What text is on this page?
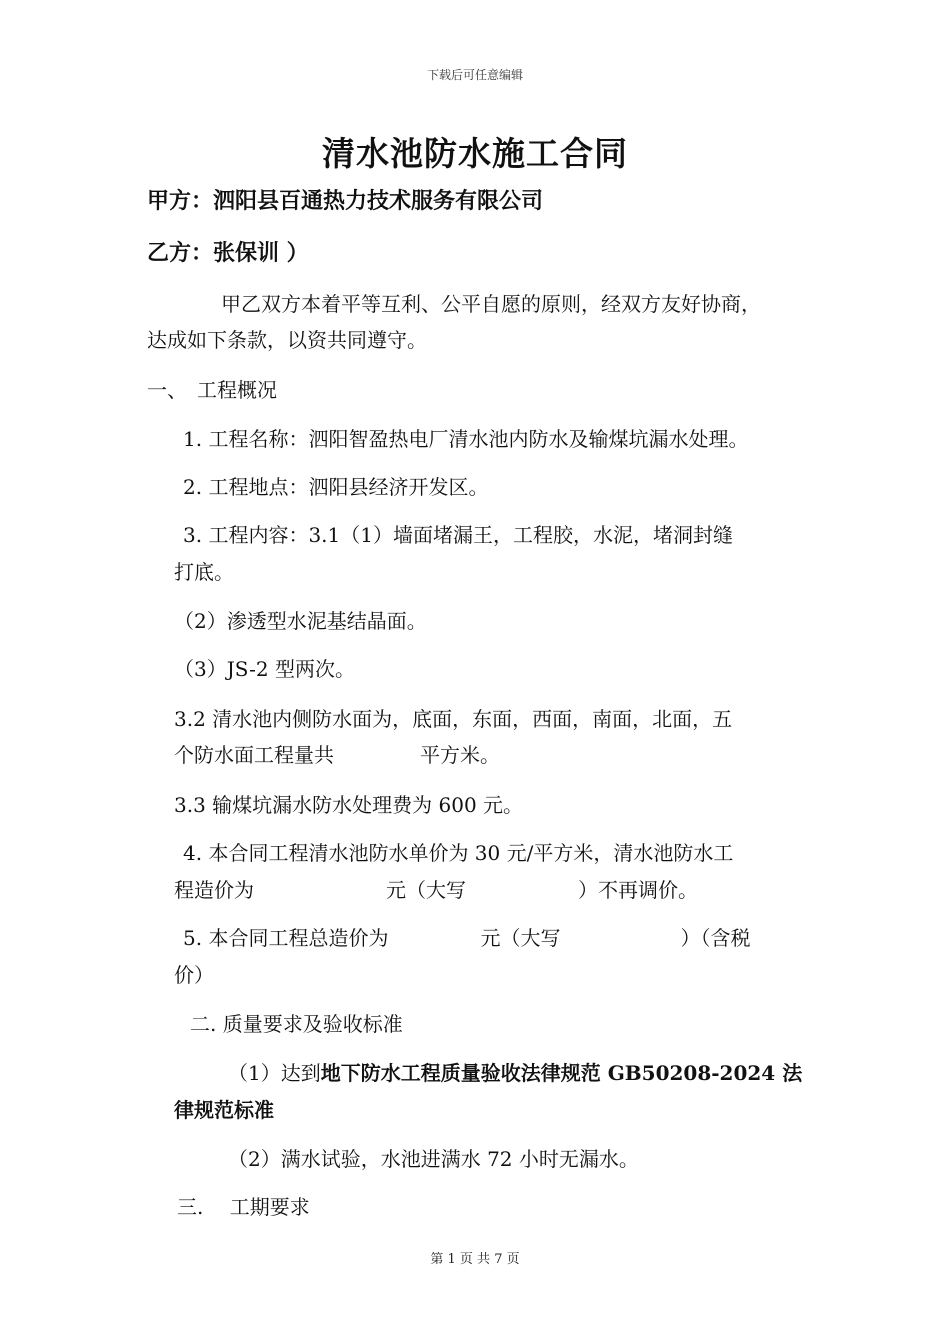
下载后可任意编辑
清水池防水施工合同
甲方：泗阳县百通热力技术服务有限公司
乙方：张保训 ）
甲乙双方本着平等互利、公平自愿的原则，经双方友好协商，
达成如下条款，以资共同遵守。
一、　工程概况
1. 工程名称：泗阳智盈热电厂清水池内防水及输煤坑漏水处理。
2. 工程地点：泗阳县经济开发区。
3. 工程内容：3.1（1）墙面堵漏王，工程胶，水泥，堵洞封缝
打底。
（2）渗透型水泥基结晶面。
（3）JS-2 型两次。
3.2 清水池内侧防水面为，底面，东面，西面，南面，北面，五
个防水面工程量共	平方米。
3.3 输煤坑漏水防水处理费为 600 元。
4. 本合同工程清水池防水单价为 30 元/平方米，清水池防水工
程造价为	元（大写	）不再调价。
5. 本合同工程总造价为	元（大写	）（含税
价）
二. 质量要求及验收标准
（1）达到地下防水工程质量验收法律规范 GB50208-2024 法
律规范标准
（2）满水试验，水池进满水 72 小时无漏水。
三.　 工期要求
第 1 页 共 7 页
